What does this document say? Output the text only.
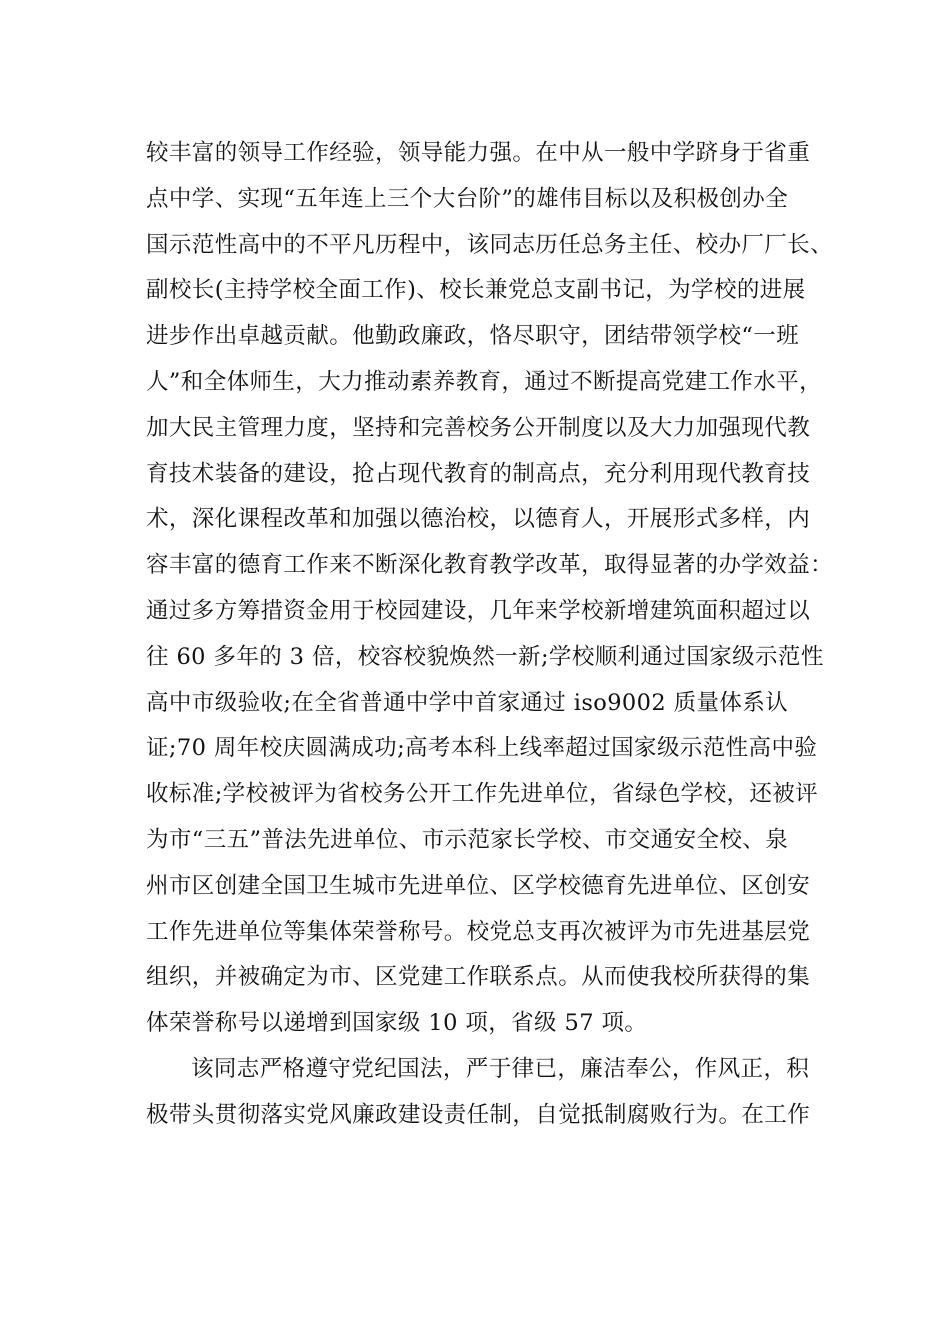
较丰富的领导工作经验，领导能力强。在中从一般中学跻身于省重
点中学、实现“五年连上三个大台阶”的雄伟目标以及积极创办全
国示范性高中的不平凡历程中，该同志历任总务主任、校办厂厂长、
副校长(主持学校全面工作)、校长兼党总支副书记，为学校的进展
进步作出卓越贡献。他勤政廉政，恪尽职守，团结带领学校“一班
人”和全体师生，大力推动素养教育，通过不断提高党建工作水平，
加大民主管理力度，坚持和完善校务公开制度以及大力加强现代教
育技术装备的建设，抢占现代教育的制高点，充分利用现代教育技
术，深化课程改革和加强以德治校，以德育人，开展形式多样，内
容丰富的德育工作来不断深化教育教学改革，取得显著的办学效益：
通过多方筹措资金用于校园建设，几年来学校新增建筑面积超过以
往 60 多年的 3 倍，校容校貌焕然一新;学校顺利通过国家级示范性
高中市级验收;在全省普通中学中首家通过 iso9002 质量体系认
证;70 周年校庆圆满成功;高考本科上线率超过国家级示范性高中验
收标准;学校被评为省校务公开工作先进单位，省绿色学校，还被评
为市“三五”普法先进单位、市示范家长学校、市交通安全校、泉
州市区创建全国卫生城市先进单位、区学校德育先进单位、区创安
工作先进单位等集体荣誉称号。校党总支再次被评为市先进基层党
组织，并被确定为市、区党建工作联系点。从而使我校所获得的集
体荣誉称号以递增到国家级 10 项，省级 57 项。
该同志严格遵守党纪国法，严于律已，廉洁奉公，作风正，积
极带头贯彻落实党风廉政建设责任制，自觉抵制腐败行为。在工作
